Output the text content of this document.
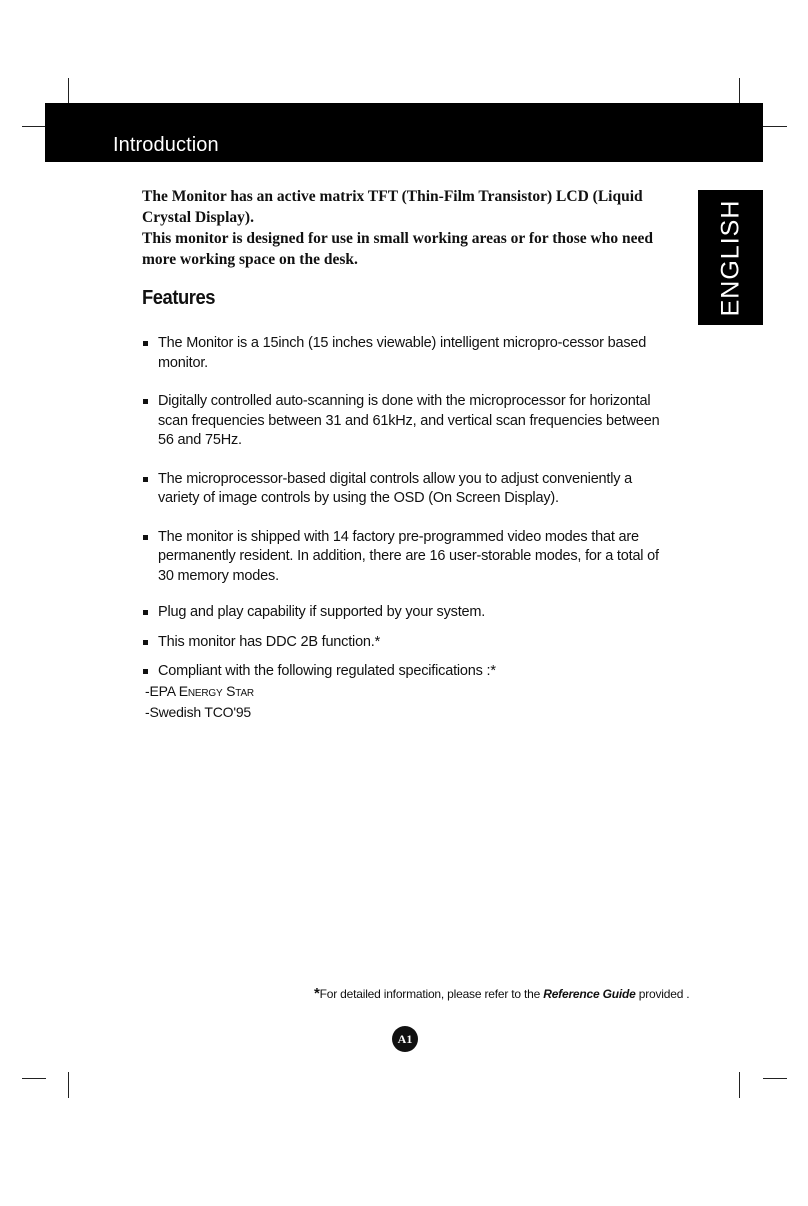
Introduction
ENGLISH

The Monitor has an active matrix TFT (Thin-Film Transistor) LCD (Liquid Crystal Display).

This monitor is designed for use in small working areas or for those who need more working space on the desk.

Features
The Monitor is a 15inch (15 inches viewable) intelligent micropro-cessor based monitor.
Digitally controlled auto-scanning is done with the microprocessor for horizontal scan frequencies between 31 and 61kHz, and vertical scan frequencies between 56 and 75Hz.
The microprocessor-based digital controls allow you to adjust conveniently a variety of image controls by using the OSD (On Screen Display).
The monitor is shipped with 14 factory pre-programmed video modes that are permanently resident. In addition, there are 16 user-storable modes, for a total of 30 memory modes.
Plug and play capability if supported by your system.
This monitor has DDC 2B function.*
Compliant with the following regulated specifications :*
-EPA ENERGY STAR
-Swedish TCO'95
*For detailed information, please refer to the Reference Guide provided .
A1
